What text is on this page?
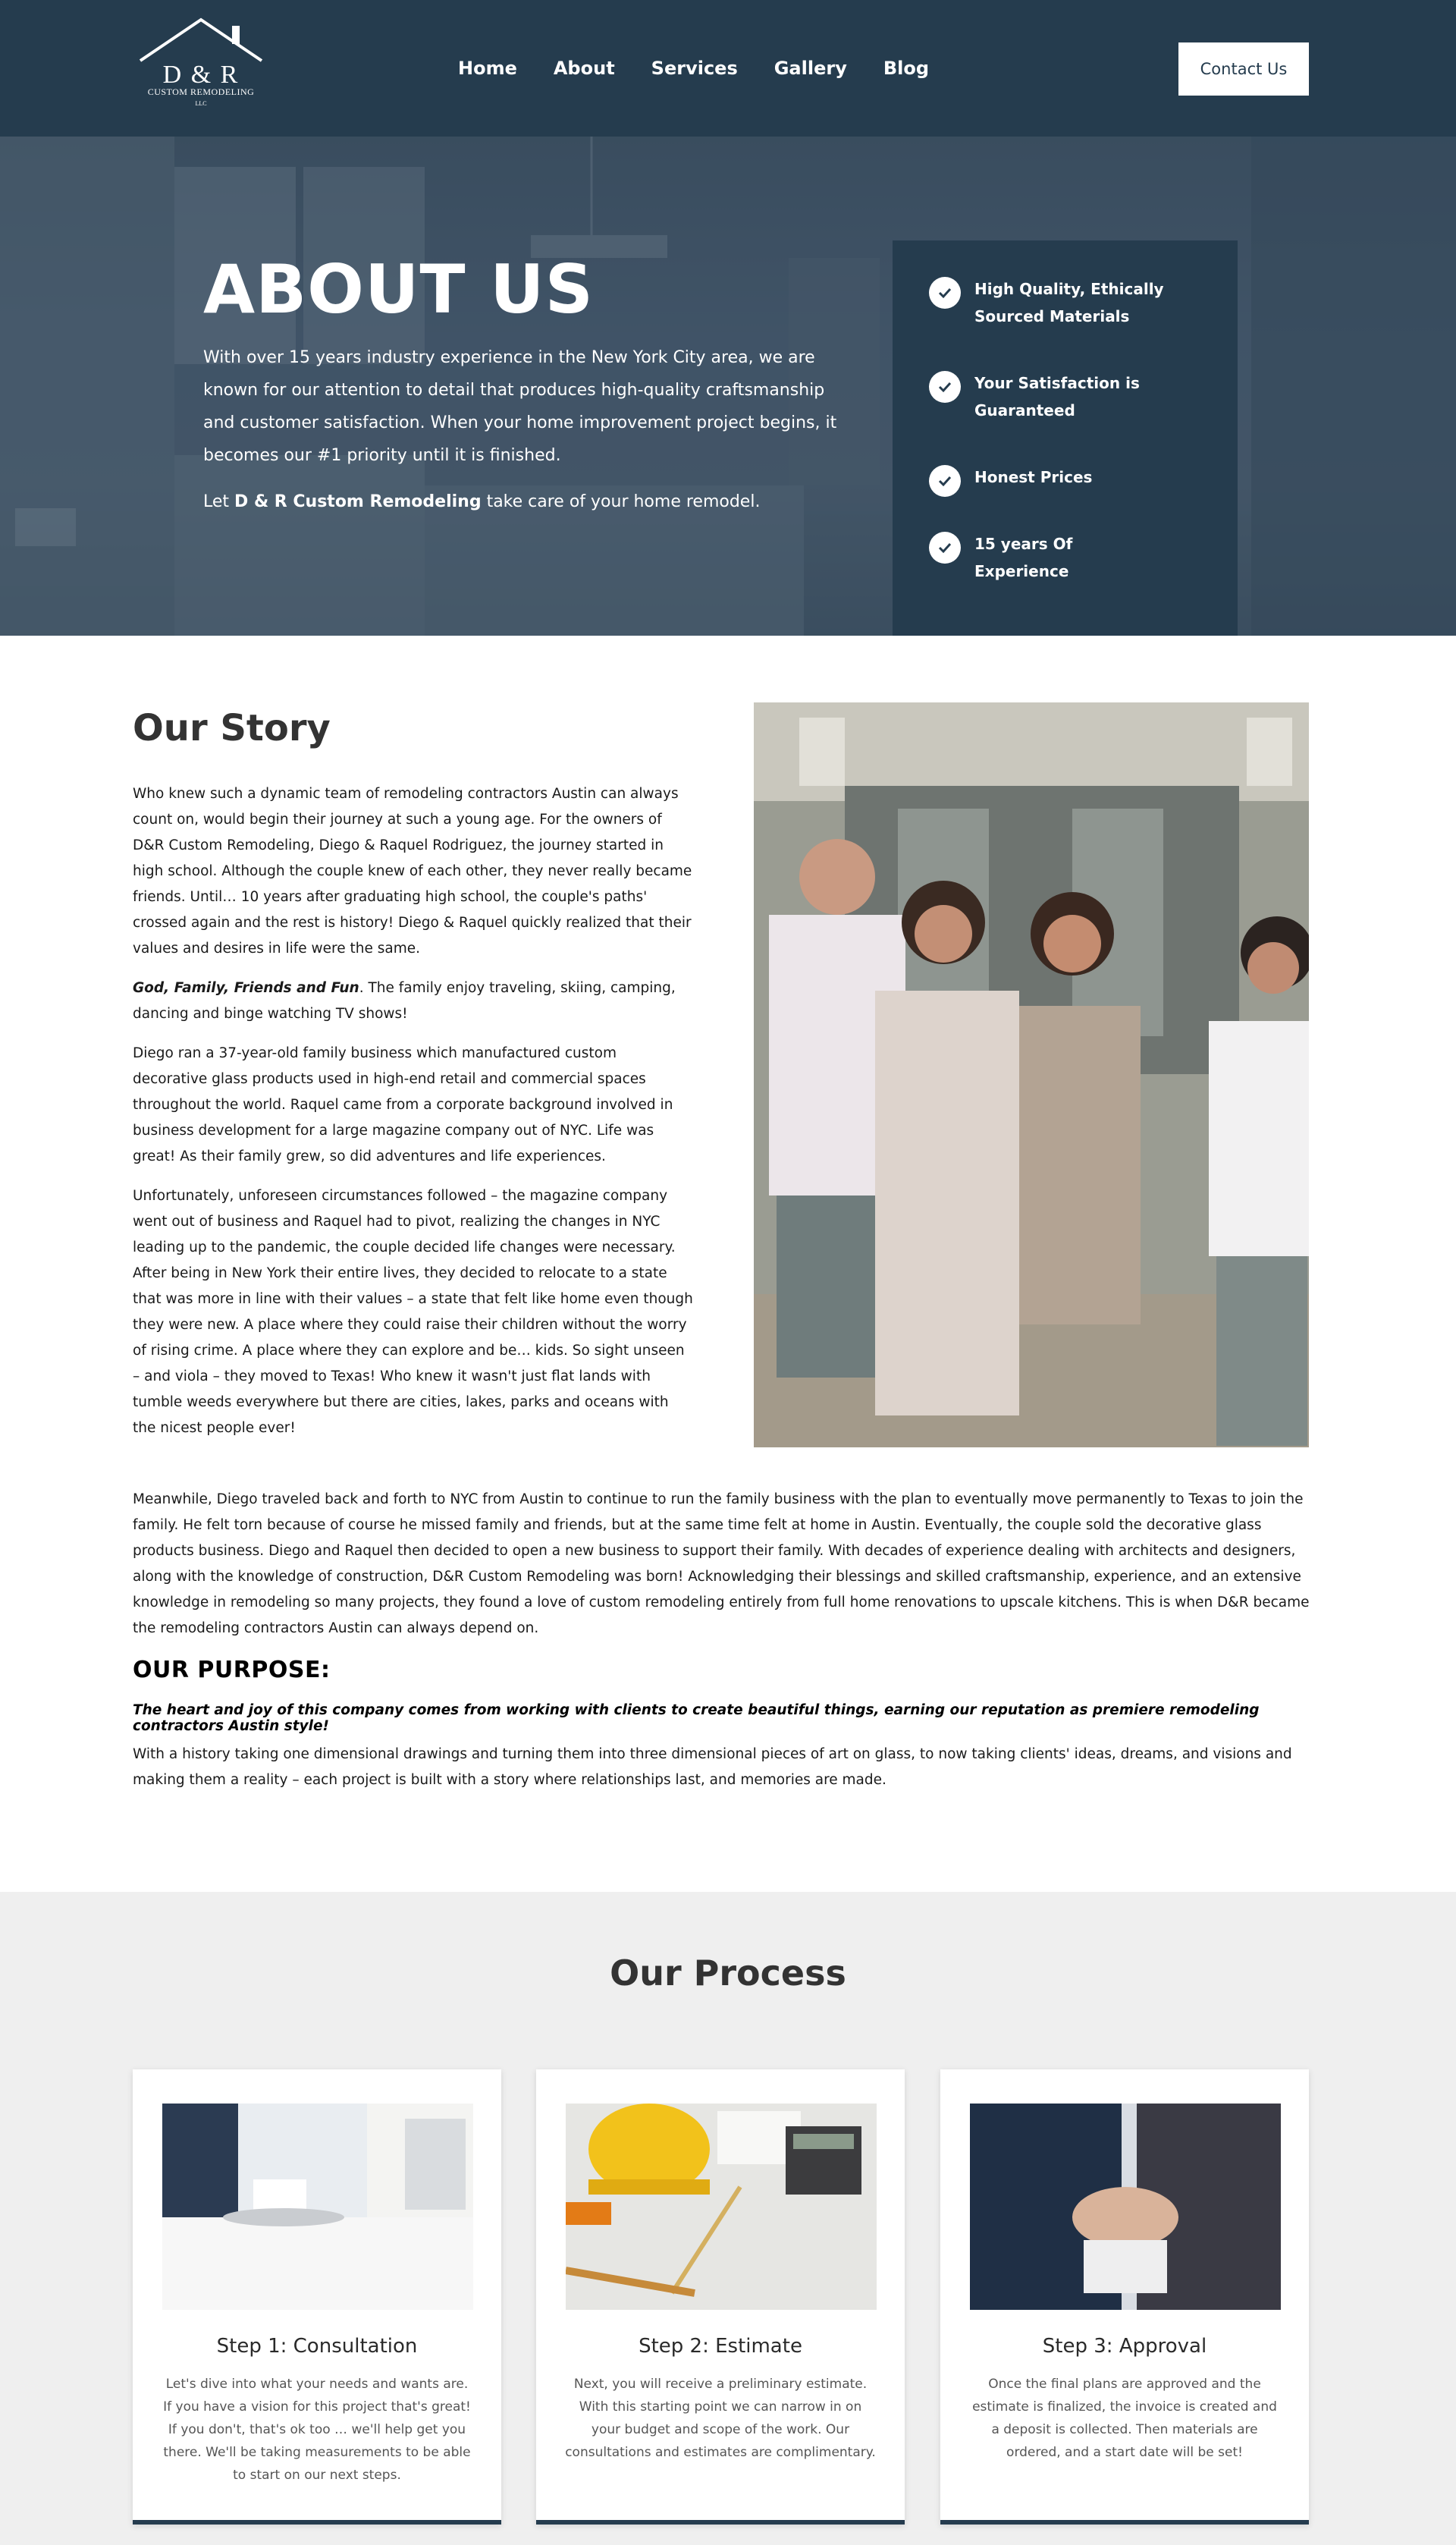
D & R
CUSTOM REMODELING
LLC
Home	About	Services	Gallery	Blog	Contact Us
ABOUT US

With over 15 years industry experience in the New York City area, we are known for our attention to detail that produces high-quality craftsmanship and customer satisfaction. When your home improvement project begins, it becomes our #1 priority until it is finished.

Let D & R Custom Remodeling take care of your home remodel.

High Quality, Ethically Sourced Materials
Your Satisfaction is Guaranteed
Honest Prices
15 years Of Experience
Our Story

Who knew such a dynamic team of remodeling contractors Austin can always count on, would begin their journey at such a young age. For the owners of D&R Custom Remodeling, Diego & Raquel Rodriguez, the journey started in high school. Although the couple knew of each other, they never really became friends. Until… 10 years after graduating high school, the couple's paths' crossed again and the rest is history! Diego & Raquel quickly realized that their values and desires in life were the same.

God, Family, Friends and Fun. The family enjoy traveling, skiing, camping, dancing and binge watching TV shows!

Diego ran a 37-year-old family business which manufactured custom decorative glass products used in high-end retail and commercial spaces throughout the world. Raquel came from a corporate background involved in business development for a large magazine company out of NYC. Life was great! As their family grew, so did adventures and life experiences.

Unfortunately, unforeseen circumstances followed – the magazine company went out of business and Raquel had to pivot, realizing the changes in NYC leading up to the pandemic, the couple decided life changes were necessary. After being in New York their entire lives, they decided to relocate to a state that was more in line with their values – a state that felt like home even though they were new. A place where they could raise their children without the worry of rising crime. A place where they can explore and be… kids. So sight unseen – and viola – they moved to Texas! Who knew it wasn't just flat lands with tumble weeds everywhere but there are cities, lakes, parks and oceans with the nicest people ever!

Meanwhile, Diego traveled back and forth to NYC from Austin to continue to run the family business with the plan to eventually move permanently to Texas to join the family. He felt torn because of course he missed family and friends, but at the same time felt at home in Austin. Eventually, the couple sold the decorative glass products business. Diego and Raquel then decided to open a new business to support their family. With decades of experience dealing with architects and designers, along with the knowledge of construction, D&R Custom Remodeling was born! Acknowledging their blessings and skilled craftsmanship, experience, and an extensive knowledge in remodeling so many projects, they found a love of custom remodeling entirely from full home renovations to upscale kitchens. This is when D&R became the remodeling contractors Austin can always depend on.

OUR PURPOSE:

The heart and joy of this company comes from working with clients to create beautiful things, earning our reputation as premiere remodeling contractors Austin style!

With a history taking one dimensional drawings and turning them into three dimensional pieces of art on glass, to now taking clients' ideas, dreams, and visions and making them a reality – each project is built with a story where relationships last, and memories are made.

Our Process
Step 1: Consultation
Let's dive into what your needs and wants are. If you have a vision for this project that's great! If you don't, that's ok too … we'll help get you there. We'll be taking measurements to be able to start on our next steps.
Step 2: Estimate
Next, you will receive a preliminary estimate. With this starting point we can narrow in on your budget and scope of the work. Our consultations and estimates are complimentary.
Step 3: Approval
Once the final plans are approved and the estimate is finalized, the invoice is created and a deposit is collected. Then materials are ordered, and a start date will be set!
